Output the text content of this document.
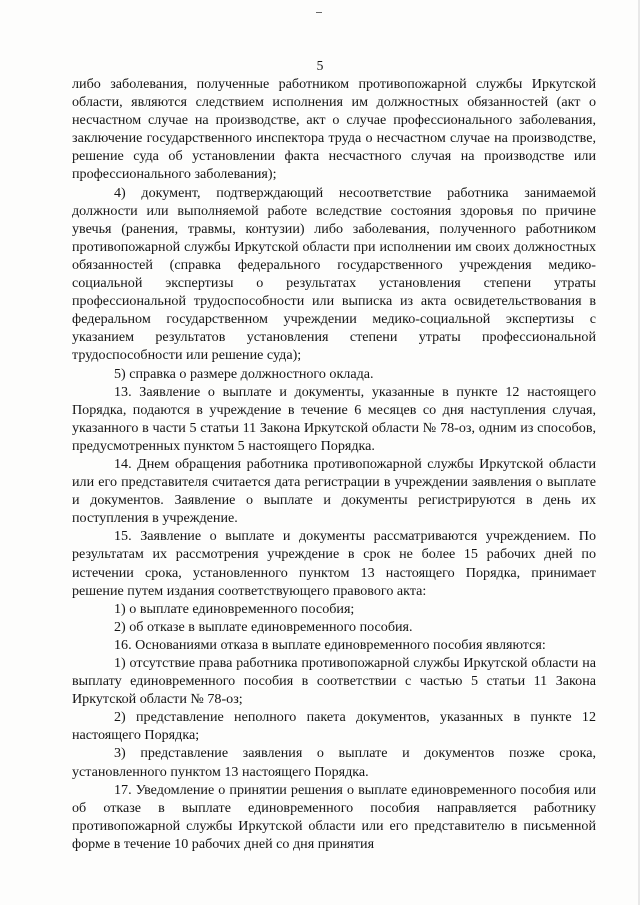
5

либо заболевания, полученные работником противопожарной службы Иркутской области, являются следствием исполнения им должностных обязанностей (акт о несчастном случае на производстве, акт о случае профессионального заболевания, заключение государственного инспектора труда о несчастном случае на производстве, решение суда об установлении факта несчастного случая на производстве или профессионального заболевания);

4) документ, подтверждающий несоответствие работника занимаемой должности или выполняемой работе вследствие состояния здоровья по причине увечья (ранения, травмы, контузии) либо заболевания, полученного работником противопожарной службы Иркутской области при исполнении им своих должностных обязанностей (справка федерального государственного учреждения медико-социальной экспертизы о результатах установления степени утраты профессиональной трудоспособности или выписка из акта освидетельствования в федеральном государственном учреждении медико-социальной экспертизы с указанием результатов установления степени утраты профессиональной трудоспособности или решение суда);

5) справка о размере должностного оклада.

13. Заявление о выплате и документы, указанные в пункте 12 настоящего Порядка, подаются в учреждение в течение 6 месяцев со дня наступления случая, указанного в части 5 статьи 11 Закона Иркутской области № 78-оз, одним из способов, предусмотренных пунктом 5 настоящего Порядка.

14. Днем обращения работника противопожарной службы Иркутской области или его представителя считается дата регистрации в учреждении заявления о выплате и документов. Заявление о выплате и документы регистрируются в день их поступления в учреждение.

15. Заявление о выплате и документы рассматриваются учреждением. По результатам их рассмотрения учреждение в срок не более 15 рабочих дней по истечении срока, установленного пунктом 13 настоящего Порядка, принимает решение путем издания соответствующего правового акта:

1) о выплате единовременного пособия;

2) об отказе в выплате единовременного пособия.

16. Основаниями отказа в выплате единовременного пособия являются:

1) отсутствие права работника противопожарной службы Иркутской области на выплату единовременного пособия в соответствии с частью 5 статьи 11 Закона Иркутской области № 78-оз;

2) представление неполного пакета документов, указанных в пункте 12 настоящего Порядка;

3) представление заявления о выплате и документов позже срока, установленного пунктом 13 настоящего Порядка.

17. Уведомление о принятии решения о выплате единовременного пособия или об отказе в выплате единовременного пособия направляется работнику противопожарной службы Иркутской области или его представителю в письменной форме в течение 10 рабочих дней со дня принятия
